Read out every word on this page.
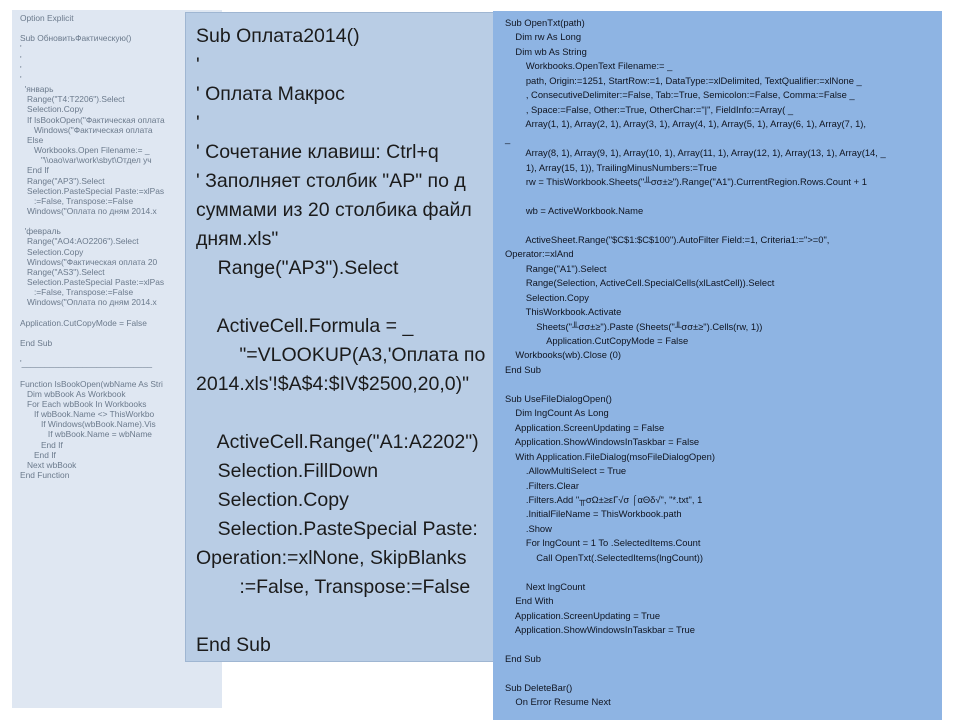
Option Explicit

Sub ОбновитьФактическую()
'
'
'
'
'январь
Range("T4:T2206").Select
Selection.Copy
If IsBookOpen("Фактическая оплата
Windows("Фактическая оплата
Else
Workbooks.Open Filename:= _
"\\oao\var\work\sbyt\Отдел уч
End If
Range("AP3").Select
Selection.PasteSpecial Paste:=xlPas
:=False, Transpose:=False
Windows("Оплата по дням 2014.x

'февраль
Range("AO4:AO2206").Select
Selection.Copy
Windows("Фактическая оплата 20
Range("AS3").Select
Selection.PasteSpecial Paste:=xlPas
:=False, Transpose:=False
Windows("Оплата по дням 2014.x

Application.CutCopyMode = False

End Sub

'____________________________

Function IsBookOpen(wbName As Stri
Dim wbBook As Workbook
For Each wbBook In Workbooks
If wbBook.Name <> ThisWorkbo
If Windows(wbBook.Name).Vis
If wbBook.Name = wbName
End If
End If
Next wbBook
End Function
Sub Оплата2014()
'
' Оплата Макрос
'
' Сочетание клавиш: Ctrl+q
' Заполняет столбик "AP" по д
суммами из 20 столбика файл
дням.xls"
Range("AP3").Select

ActiveCell.Formula = _
"=VLOOKUP(A3,'Оплата по
2014.xls'!$A$4:$IV$2500,20,0)"

ActiveCell.Range("A1:A2202")
Selection.FillDown
Selection.Copy
Selection.PasteSpecial Paste:
Operation:=xlNone, SkipBlanks
:=False, Transpose:=False

End Sub
Sub OpenTxt(path)
Dim rw As Long
Dim wb As String
Workbooks.OpenText Filename:= _
path, Origin:=1251, StartRow:=1, DataType:=xlDelimited, TextQualifier:=xlNone _
, ConsecutiveDelimiter:=False, Tab:=True, Semicolon:=False, Comma:=False _
, Space:=False, Other:=True, OtherChar:="|", FieldInfo:=Array( _
Array(1, 1), Array(2, 1), Array(3, 1), Array(4, 1), Array(5, 1), Array(6, 1), Array(7, 1),
_
Array(8, 1), Array(9, 1), Array(10, 1), Array(11, 1), Array(12, 1), Array(13, 1), Array(14, _
1), Array(15, 1)), TrailingMinusNumbers:=True
rw = ThisWorkbook.Sheets("╨σσ±≥").Range("A1").CurrentRegion.Rows.Count + 1

wb = ActiveWorkbook.Name

ActiveSheet.Range("$C$1:$C$100").AutoFilter Field:=1, Criteria1:=">=0",
Operator:=xlAnd
Range("A1").Select
Range(Selection, ActiveCell.SpecialCells(xlLastCell)).Select
Selection.Copy
ThisWorkbook.Activate
Sheets("╨σσ±≥").Paste (Sheets("╨σσ±≥").Cells(rw, 1))
Application.CutCopyMode = False
Workbooks(wb).Close (0)
End Sub

Sub UseFileDialogOpen()
Dim lngCount As Long
Application.ScreenUpdating = False
Application.ShowWindowsInTaskbar = False
With Application.FileDialog(msoFileDialogOpen)
.AllowMultiSelect = True
.Filters.Clear
.Filters.Add "╥σΩ±≥εΓ√σ ⌠αΘδ√", "*.txt", 1
.InitialFileName = ThisWorkbook.path
.Show
For lngCount = 1 To .SelectedItems.Count
Call OpenTxt(.SelectedItems(lngCount))

Next lngCount
End With
Application.ScreenUpdating = True
Application.ShowWindowsInTaskbar = True

End Sub

Sub DeleteBar()
On Error Resume Next
